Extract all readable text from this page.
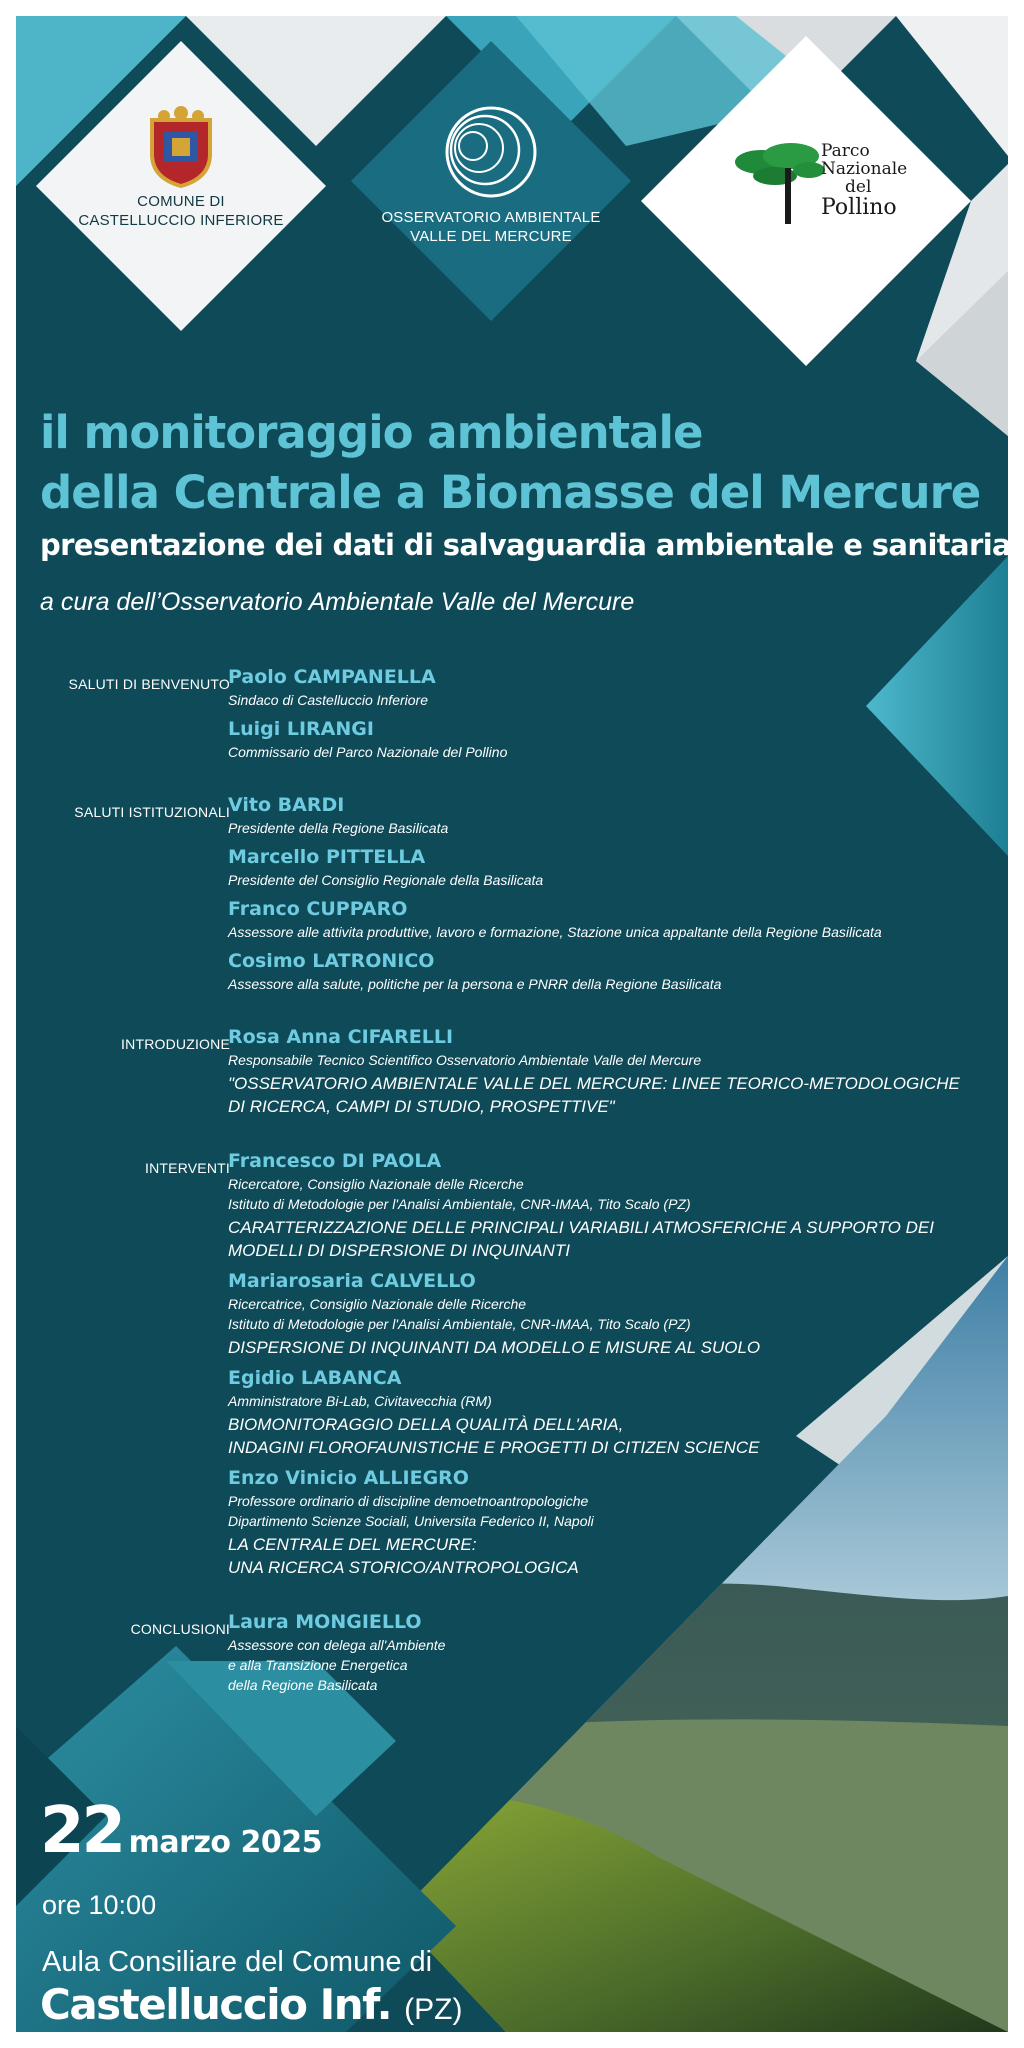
COMUNE DI
CASTELLUCCIO INFERIORE	OSSERVATORIO AMBIENTALE
VALLE DEL MERCURE
Parco
Nazionale
del
Pollino
il monitoraggio ambientale
della Centrale a Biomasse del Mercure
presentazione dei dati di salvaguardia ambientale e sanitaria
a cura dell’Osservatorio Ambientale Valle del Mercure
SALUTI DI BENVENUTO
Paolo CAMPANELLA
Sindaco di Castelluccio Inferiore
Luigi LIRANGI
Commissario del Parco Nazionale del Pollino
SALUTI ISTITUZIONALI
Vito BARDI
Presidente della Regione Basilicata
Marcello PITTELLA
Presidente del Consiglio Regionale della Basilicata
Franco CUPPARO
Assessore alle attivita produttive, lavoro e formazione, Stazione unica appaltante della Regione Basilicata
Cosimo LATRONICO
Assessore alla salute, politiche per la persona e PNRR della Regione Basilicata
INTRODUZIONE
Rosa Anna CIFARELLI
Responsabile Tecnico Scientifico Osservatorio Ambientale Valle del Mercure
"OSSERVATORIO AMBIENTALE VALLE DEL MERCURE: LINEE TEORICO-METODOLOGICHE
DI RICERCA, CAMPI DI STUDIO, PROSPETTIVE"
INTERVENTI
Francesco DI PAOLA
Ricercatore, Consiglio Nazionale delle Ricerche
Istituto di Metodologie per l'Analisi Ambientale, CNR-IMAA, Tito Scalo (PZ)
CARATTERIZZAZIONE DELLE PRINCIPALI VARIABILI ATMOSFERICHE A SUPPORTO DEI
MODELLI DI DISPERSIONE DI INQUINANTI
Mariarosaria CALVELLO
Ricercatrice, Consiglio Nazionale delle Ricerche
Istituto di Metodologie per l'Analisi Ambientale, CNR-IMAA, Tito Scalo (PZ)
DISPERSIONE DI INQUINANTI DA MODELLO E MISURE AL SUOLO
Egidio LABANCA
Amministratore Bi-Lab, Civitavecchia (RM)
BIOMONITORAGGIO DELLA QUALITÀ DELL'ARIA,
INDAGINI FLOROFAUNISTICHE E PROGETTI DI CITIZEN SCIENCE
Enzo Vinicio ALLIEGRO
Professore ordinario di discipline demoetnoantropologiche
Dipartimento Scienze Sociali, Universita Federico II, Napoli
LA CENTRALE DEL MERCURE:
UNA RICERCA STORICO/ANTROPOLOGICA
CONCLUSIONI
Laura MONGIELLO
Assessore con delega all'Ambiente
e alla Transizione Energetica
della Regione Basilicata
22 marzo 2025
ore 10:00
Aula Consiliare del Comune di
Castelluccio Inf. (PZ)
TIP. GAGLIARDI - LAGONEGRO
